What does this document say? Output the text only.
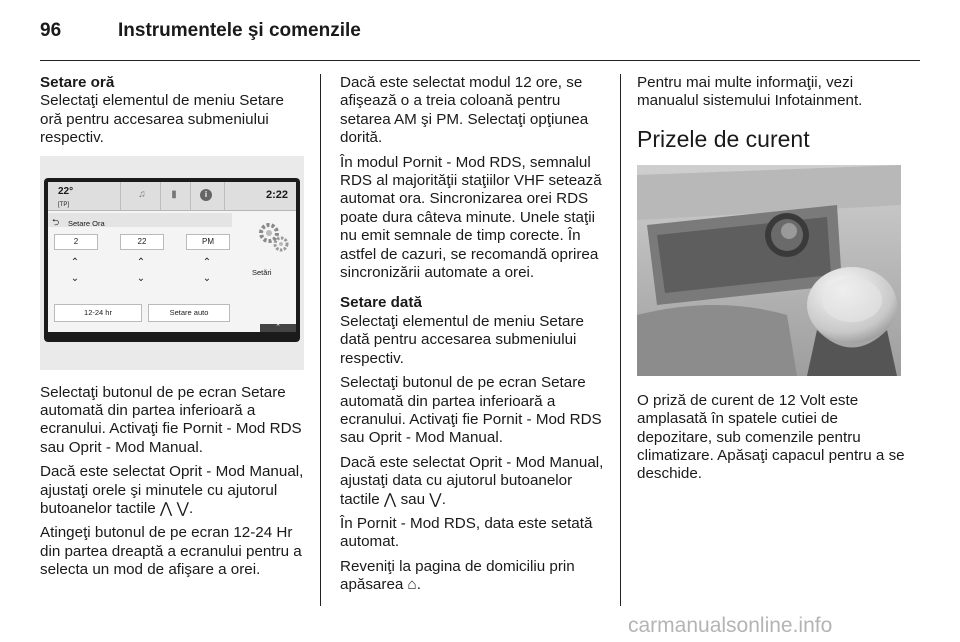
96	Instrumentele şi comenzile

Setare oră
Selectaţi elementul de meniu Setare oră pentru accesarea submeniului respectiv.

22°
[TP]
♫	▮	i	2:22
⮌ Setare Ora
2	22	PM
⌃
⌄
⌃
⌄
⌃
⌄
12-24 hr	Setare auto
Setări
⌃

Selectaţi butonul de pe ecran Setare automată din partea inferioară a ecranului. Activaţi fie Pornit - Mod RDS sau Oprit - Mod Manual.

Dacă este selectat Oprit - Mod Manual, ajustaţi orele şi minutele cu ajutorul butoanelor tactile ⋀ ⋁.

Atingeţi butonul de pe ecran 12-24 Hr din partea dreaptă a ecranului pentru a selecta un mod de afişare a orei.

Dacă este selectat modul 12 ore, se afişează o a treia coloană pentru setarea AM şi PM. Selectaţi opţiunea dorită.

În modul Pornit - Mod RDS, semnalul RDS al majorităţii staţiilor VHF setează automat ora. Sincronizarea orei RDS poate dura câteva minute. Unele staţii nu emit semnale de timp corecte. În astfel de cazuri, se recomandă oprirea sincronizării automate a orei.

Setare dată
Selectaţi elementul de meniu Setare dată pentru accesarea submeniului respectiv.

Selectaţi butonul de pe ecran Setare automată din partea inferioară a ecranului. Activaţi fie Pornit - Mod RDS sau Oprit - Mod Manual.

Dacă este selectat Oprit - Mod Manual, ajustaţi data cu ajutorul butoanelor tactile ⋀ sau ⋁.

În Pornit - Mod RDS, data este setată automat.

Reveniţi la pagina de domiciliu prin apăsarea ⌂.

Pentru mai multe informaţii, vezi manualul sistemului Infotainment.

Prizele de curent

O priză de curent de 12 Volt este amplasată în spatele cutiei de depozitare, sub comenzile pentru climatizare. Apăsaţi capacul pentru a se deschide.

carmanualsonline.info
